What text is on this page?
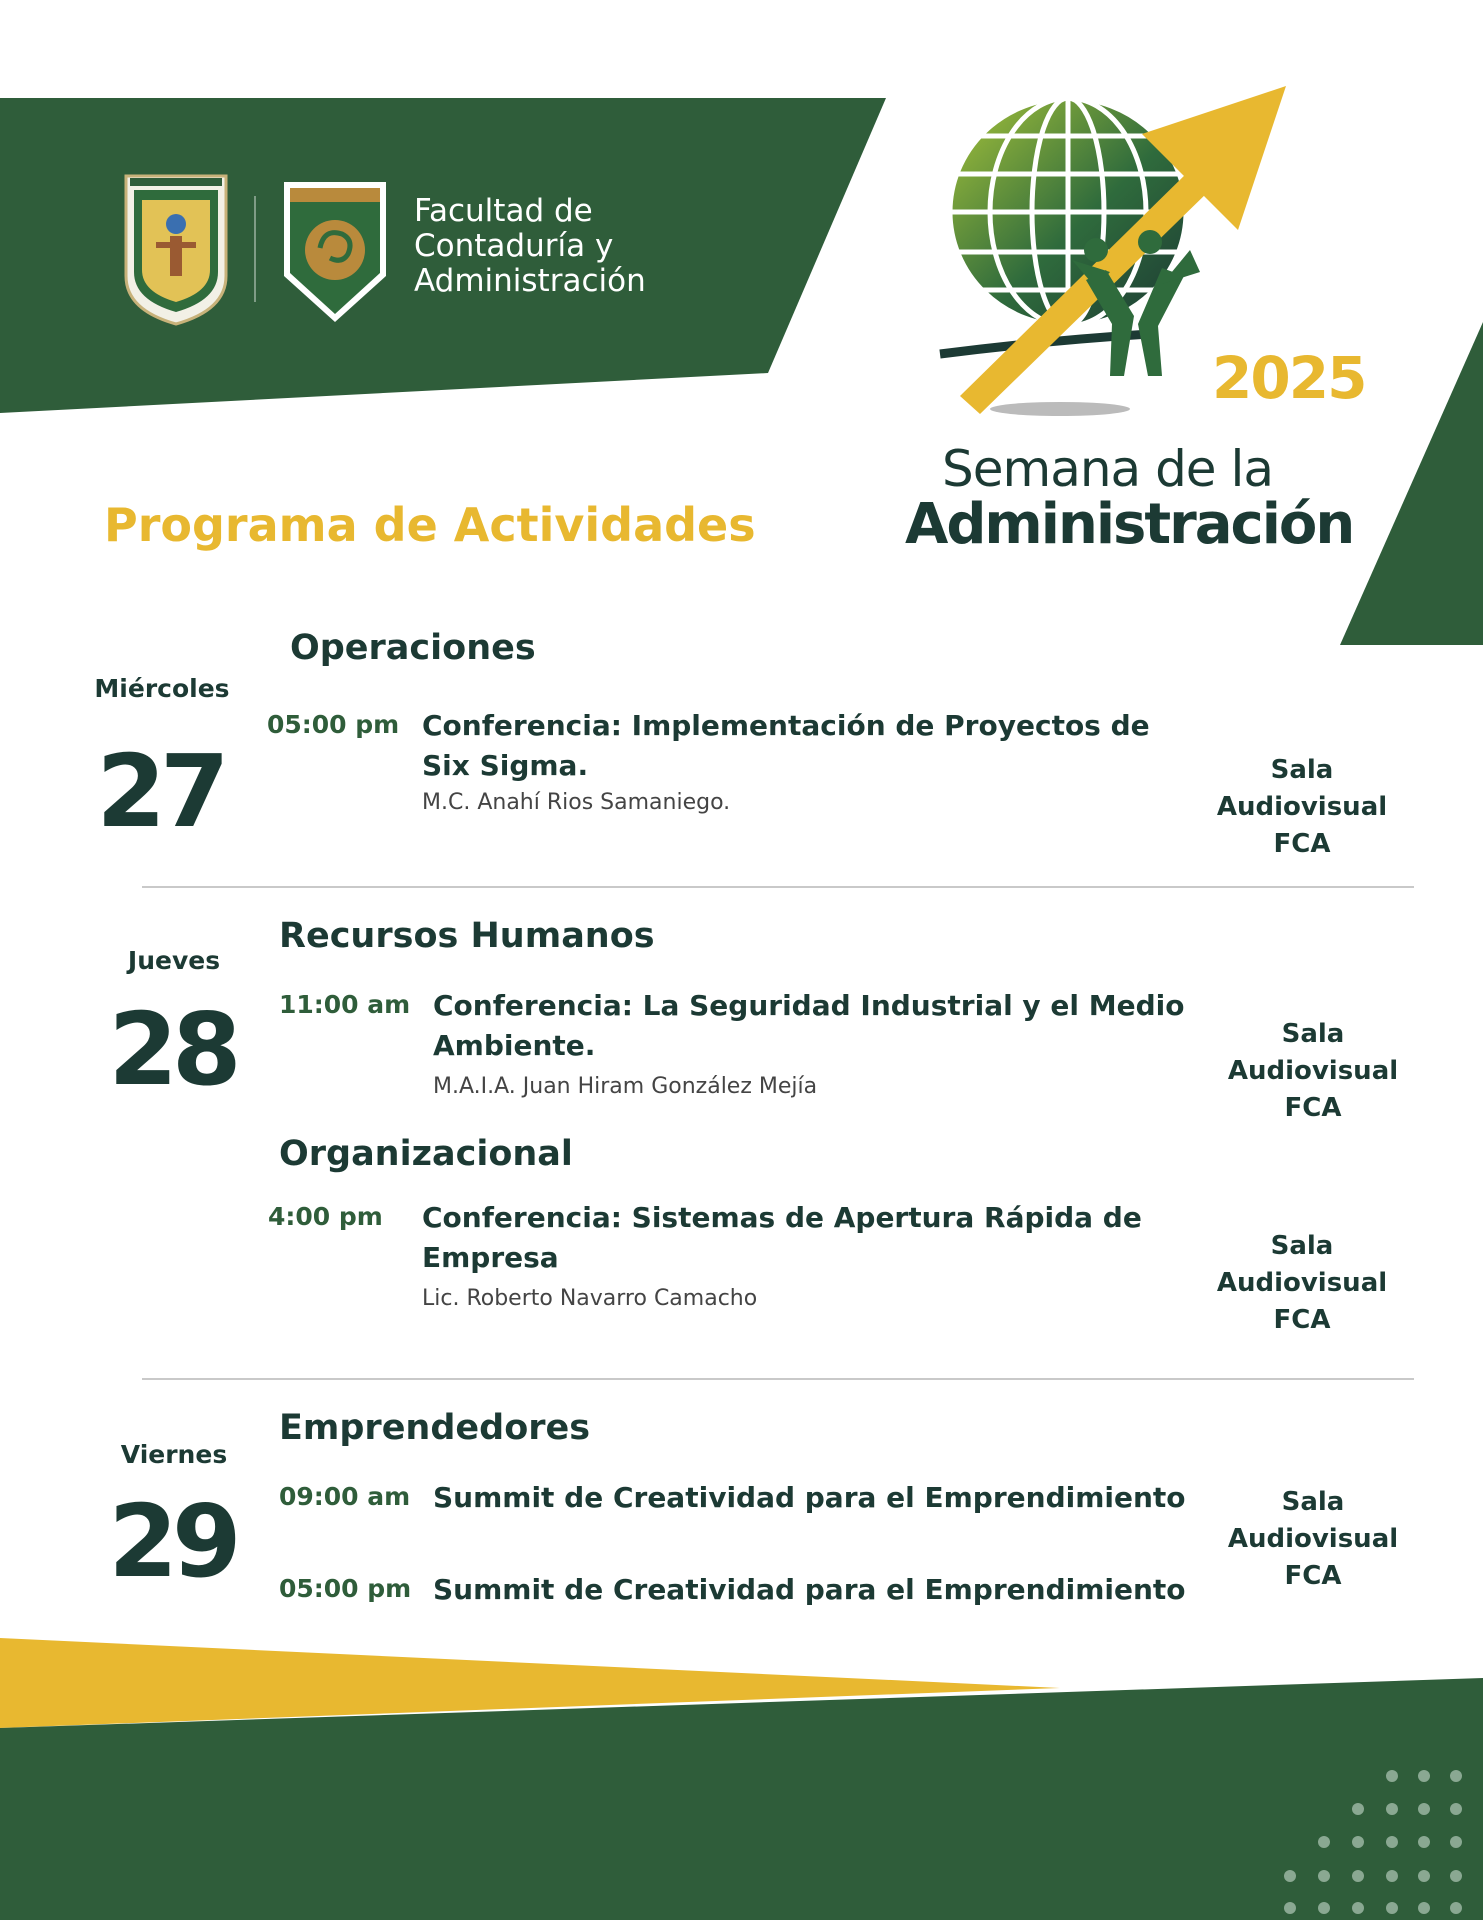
Facultad de
Contaduría y
Administración
2025
Semana de la
Administración
Programa de Actividades
Miércoles
27
Operaciones
05:00 pm Conferencia: Implementación de Proyectos de Six Sigma.
M.C. Anahí Rios Samaniego.
Sala Audiovisual
FCA
Jueves
28
Recursos Humanos
11:00 am Conferencia: La Seguridad Industrial y el Medio Ambiente.
M.A.I.A. Juan Hiram González Mejía
Sala Audiovisual
FCA
Organizacional
4:00 pm Conferencia: Sistemas de Apertura Rápida de Empresa
Lic. Roberto Navarro Camacho
Sala Audiovisual
FCA
Viernes
29
Emprendedores
09:00 am Summit de Creatividad para el Emprendimiento
05:00 pm Summit de Creatividad para el Emprendimiento
Sala Audiovisual
FCA
